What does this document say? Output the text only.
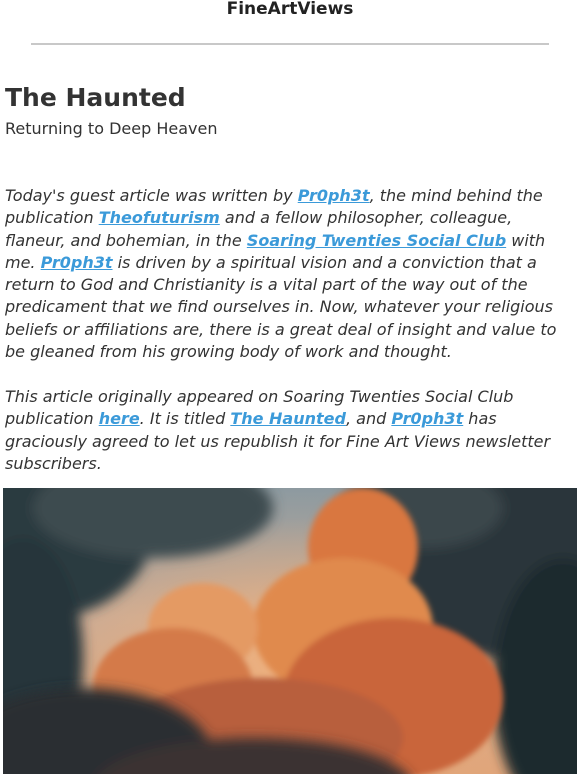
FineArtViews
The Haunted

Returning to Deep Heaven

Today's guest article was written by Pr0ph3t, the mind behind the publication Theofuturism and a fellow philosopher, colleague, flaneur, and bohemian, in the Soaring Twenties Social Club with me. Pr0ph3t is driven by a spiritual vision and a conviction that a return to God and Christianity is a vital part of the way out of the predicament that we find ourselves in. Now, whatever your religious beliefs or affiliations are, there is a great deal of insight and value to be gleaned from his growing body of work and thought.

This article originally appeared on Soaring Twenties Social Club publication here. It is titled The Haunted, and Pr0ph3t has graciously agreed to let us republish it for Fine Art Views newsletter subscribers.
